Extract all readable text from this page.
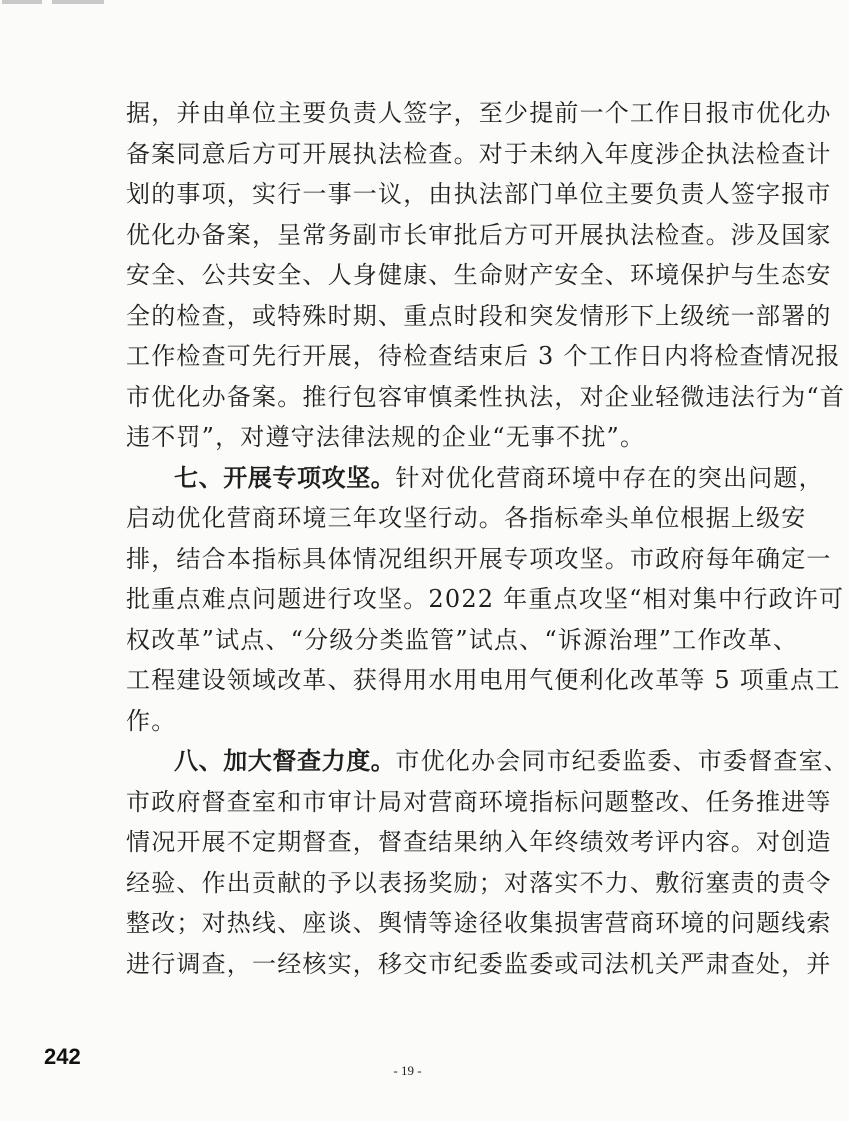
据，并由单位主要负责人签字，至少提前一个工作日报市优化办
备案同意后方可开展执法检查。对于未纳入年度涉企执法检查计
划的事项，实行一事一议，由执法部门单位主要负责人签字报市
优化办备案，呈常务副市长审批后方可开展执法检查。涉及国家
安全、公共安全、人身健康、生命财产安全、环境保护与生态安
全的检查，或特殊时期、重点时段和突发情形下上级统一部署的
工作检查可先行开展，待检查结束后 3 个工作日内将检查情况报
市优化办备案。推行包容审慎柔性执法，对企业轻微违法行为“首
违不罚”，对遵守法律法规的企业“无事不扰”。
七、开展专项攻坚。针对优化营商环境中存在的突出问题，
启动优化营商环境三年攻坚行动。各指标牵头单位根据上级安
排，结合本指标具体情况组织开展专项攻坚。市政府每年确定一
批重点难点问题进行攻坚。2022 年重点攻坚“相对集中行政许可
权改革”试点、“分级分类监管”试点、“诉源治理”工作改革、
工程建设领域改革、获得用水用电用气便利化改革等 5 项重点工
作。
八、加大督查力度。市优化办会同市纪委监委、市委督查室、
市政府督查室和市审计局对营商环境指标问题整改、任务推进等
情况开展不定期督查，督查结果纳入年终绩效考评内容。对创造
经验、作出贡献的予以表扬奖励；对落实不力、敷衍塞责的责令
整改；对热线、座谈、舆情等途径收集损害营商环境的问题线索
进行调查，一经核实，移交市纪委监委或司法机关严肃查处，并
242
- 19 -
